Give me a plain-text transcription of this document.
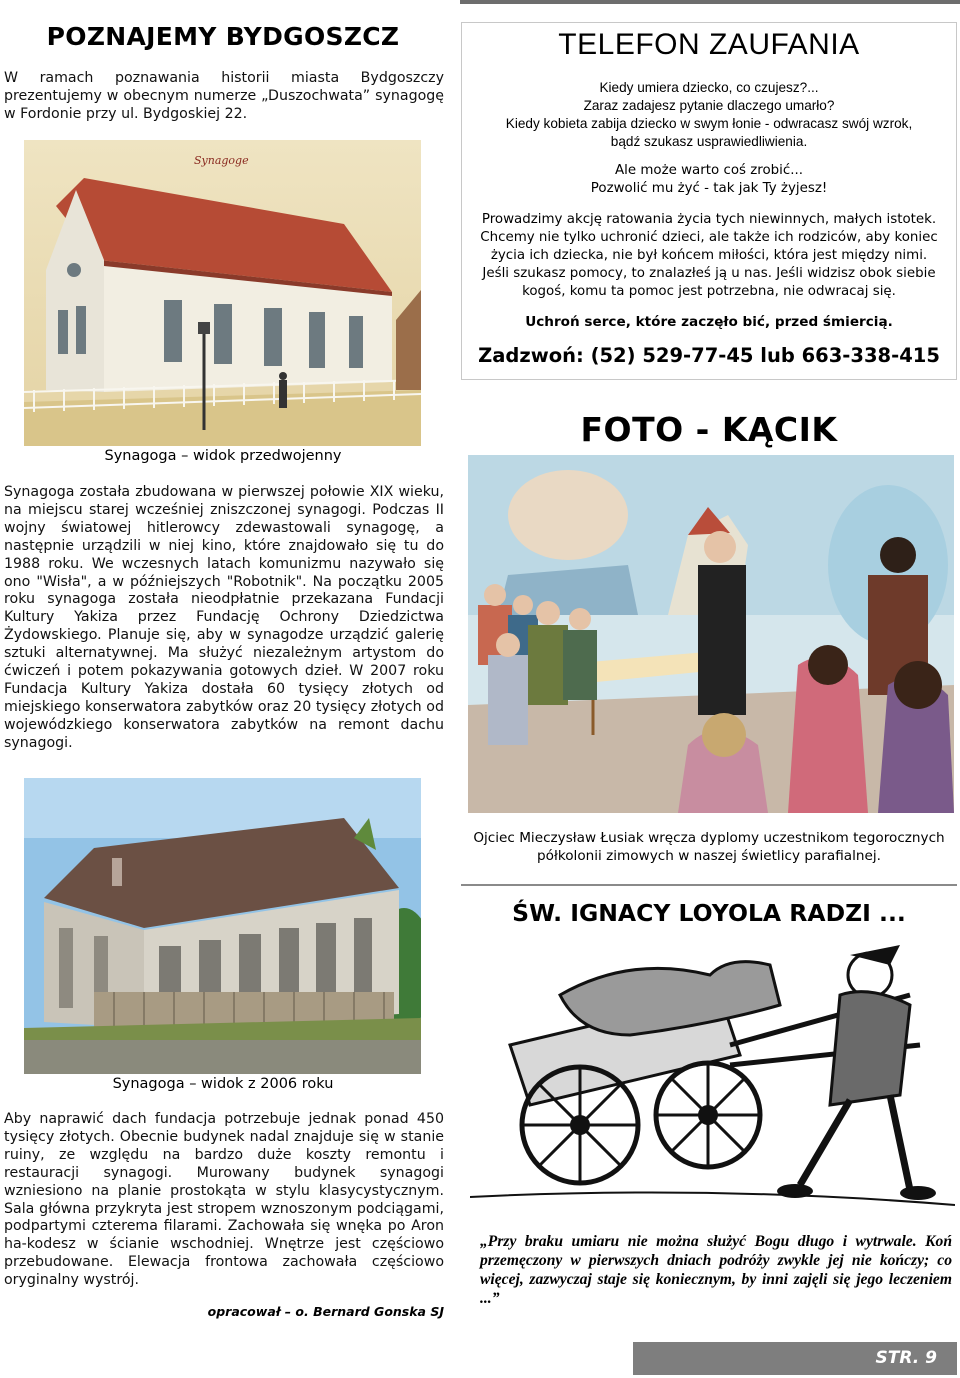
POZNAJEMY BYDGOSZCZ
W ramach poznawania historii miasta Bydgoszczy prezentujemy w obecnym numerze „Duszochwata” synagogę w Fordonie przy ul. Bydgoskiej 22.
Synagoge
Synagoga – widok przedwojenny
Synagoga została zbudowana w pierwszej połowie XIX wieku, na miejscu starej wcześniej zniszczonej synagogi. Podczas II wojny światowej hitlerowcy zdewastowali synagogę, a następnie urządzili w niej kino, które znajdowało się tu do 1988 roku. We wczesnych latach komunizmu nazywało się ono "Wisła", a w późniejszych "Robotnik". Na początku 2005 roku synagoga została nieodpłatnie przekazana Fundacji Kultury Yakiza przez Fundację Ochrony Dziedzictwa Żydowskiego. Planuje się, aby w synagodze urządzić galerię sztuki alternatywnej. Ma służyć niezależnym artystom do ćwiczeń i potem pokazywania gotowych dzieł. W 2007 roku Fundacja Kultury Yakiza dostała 60 tysięcy złotych od miejskiego konserwatora zabytków oraz 20 tysięcy złotych od wojewódzkiego konserwatora zabytków na remont dachu synagogi.
Synagoga – widok z 2006 roku
Aby naprawić dach fundacja potrzebuje jednak ponad 450 tysięcy złotych. Obecnie budynek nadal znajduje się w stanie ruiny, ze względu na bardzo duże koszty remontu i restauracji synagogi. Murowany budynek synagogi wzniesiono na planie prostokąta w stylu klasycystycznym. Sala główna przykryta jest stropem wznoszonym podciągami, podpartymi czterema filarami. Zachowała się wnęka po Aron ha-kodesz w ścianie wschodniej. Wnętrze jest częściowo przebudowane. Elewacja frontowa zachowała częściowo oryginalny wystrój.
opracował – o. Bernard Gonska SJ
TELEFON ZAUFANIA
Kiedy umiera dziecko, co czujesz?...
Zaraz zadajesz pytanie dlaczego umarło?
Kiedy kobieta zabija dziecko w swym łonie - odwracasz swój wzrok,
bądź szukasz usprawiedliwienia.
Ale może warto coś zrobić...
Pozwolić mu żyć - tak jak Ty żyjesz!
Prowadzimy akcję ratowania życia tych niewinnych, małych istotek.
Chcemy nie tylko uchronić dzieci, ale także ich rodziców, aby koniec
życia ich dziecka, nie był końcem miłości, która jest między nimi.
Jeśli szukasz pomocy, to znalazłeś ją u nas. Jeśli widzisz obok siebie
kogoś, komu ta pomoc jest potrzebna, nie odwracaj się.
Uchroń serce, które zaczęło bić, przed śmiercią.
Zadzwoń: (52) 529-77-45 lub 663-338-415
FOTO - KĄCIK
Ojciec Mieczysław Łusiak wręcza dyplomy uczestnikom tegorocznych
półkolonii zimowych w naszej świetlicy parafialnej.
ŚW. IGNACY LOYOLA RADZI ...
„Przy braku umiaru nie można służyć Bogu długo i wytrwale. Koń przemęczony w pierwszych dniach podróży zwykle jej nie kończy; co więcej, zazwyczaj staje się koniecznym, by inni zajęli się jego leczeniem ...”
STR. 9
